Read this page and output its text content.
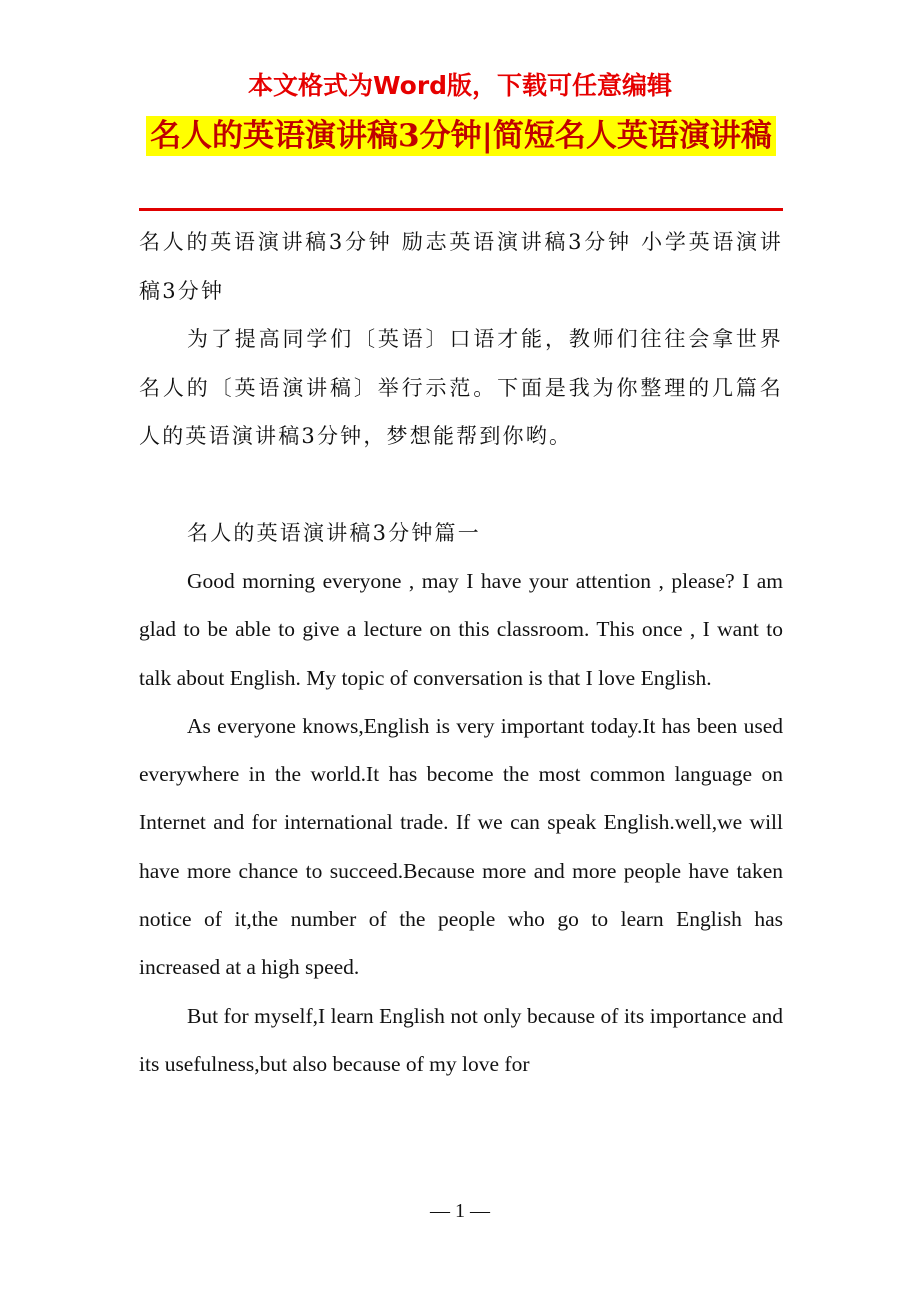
本文格式为Word版，下载可任意编辑
名人的英语演讲稿3分钟|简短名人英语演讲稿

名人的英语演讲稿3分钟 励志英语演讲稿3分钟 小学英语演讲稿3分钟

为了提高同学们〔英语〕口语才能，教师们往往会拿世界名人的〔英语演讲稿〕举行示范。下面是我为你整理的几篇名人的英语演讲稿3分钟，梦想能帮到你哟。

名人的英语演讲稿3分钟篇一

Good morning everyone , may I have your attention , please? I am glad to be able to give a lecture on this classroom. This once , I want to talk about English. My topic of conversation is that I love English.

As everyone knows,English is very important today.It has been used everywhere in the world.It has become the most common language on Internet and for international trade. If we can speak English.well,we will have more chance to succeed.Because more and more people have taken notice of it,the number of the people who go to learn English has increased at a high speed.

But for myself,I learn English not only because of its importance and its usefulness,but also because of my love for

— 1 —
